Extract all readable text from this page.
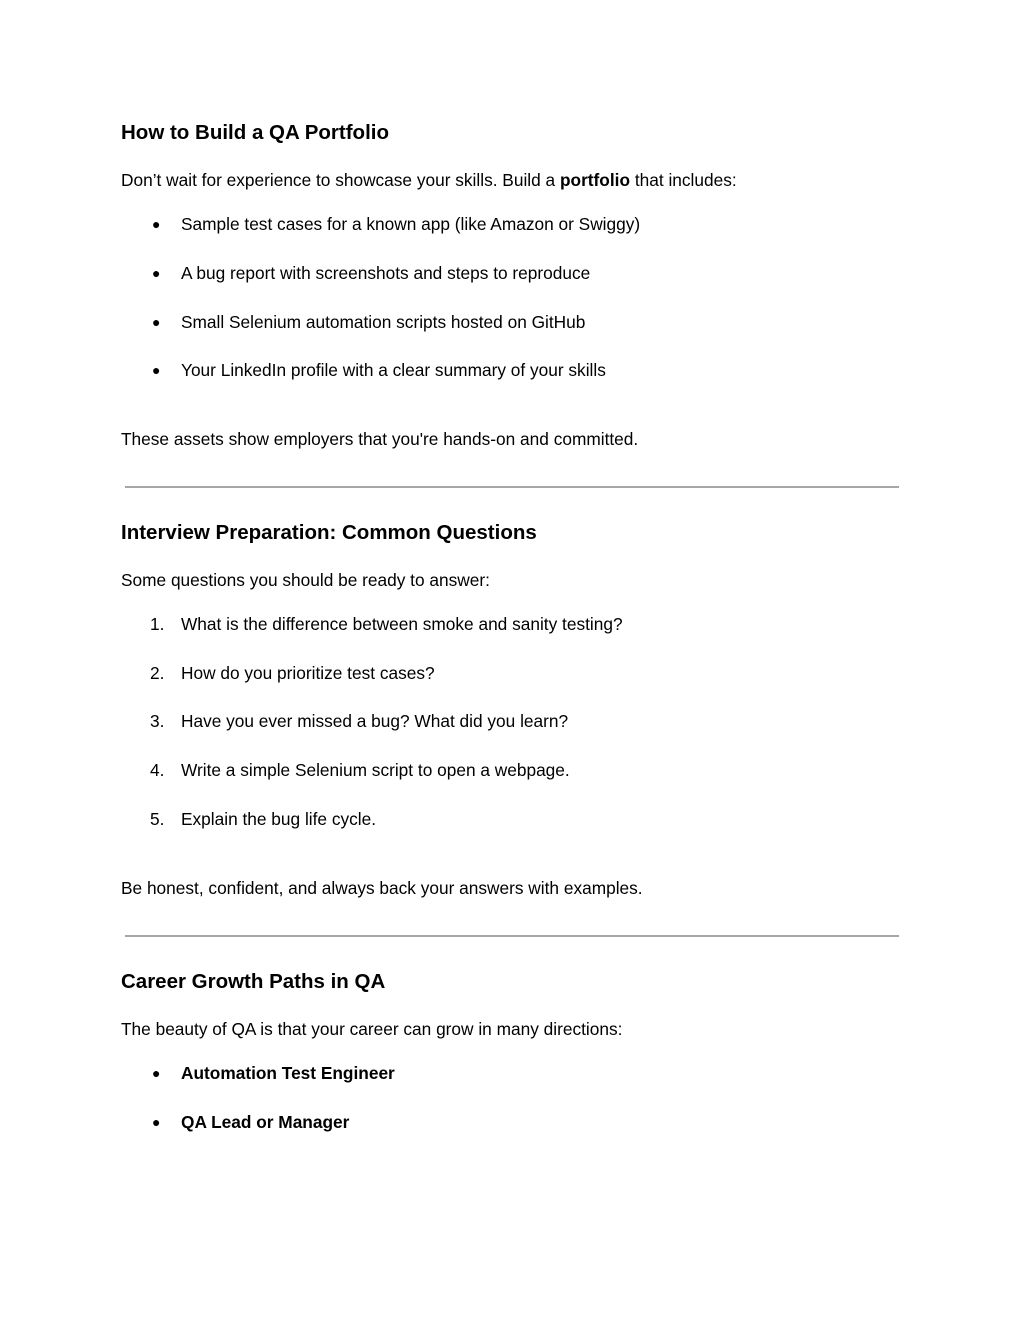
How to Build a QA Portfolio

Don’t wait for experience to showcase your skills. Build a portfolio that includes:

● Sample test cases for a known app (like Amazon or Swiggy)
● A bug report with screenshots and steps to reproduce
● Small Selenium automation scripts hosted on GitHub
● Your LinkedIn profile with a clear summary of your skills

These assets show employers that you're hands-on and committed.

Interview Preparation: Common Questions

Some questions you should be ready to answer:

1. What is the difference between smoke and sanity testing?
2. How do you prioritize test cases?
3. Have you ever missed a bug? What did you learn?
4. Write a simple Selenium script to open a webpage.
5. Explain the bug life cycle.

Be honest, confident, and always back your answers with examples.

Career Growth Paths in QA

The beauty of QA is that your career can grow in many directions:

● Automation Test Engineer
● QA Lead or Manager
